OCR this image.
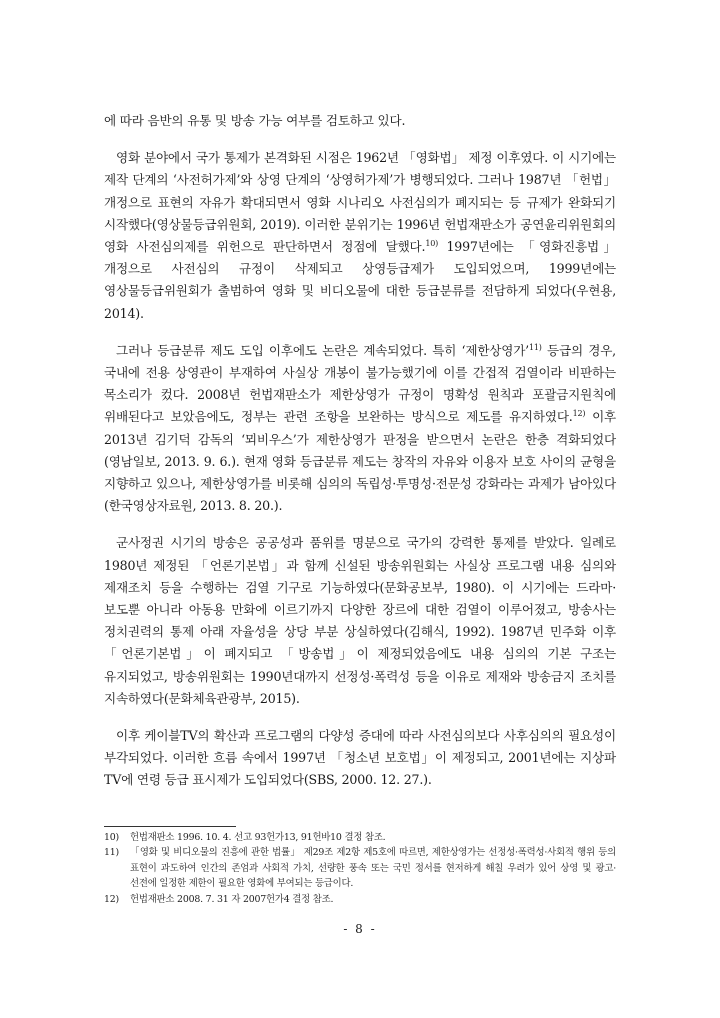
에 따라 음반의 유통 및 방송 가능 여부를 검토하고 있다.

영화 분야에서 국가 통제가 본격화된 시점은 1962년 「영화법」 제정 이후였다. 이 시기에는 제작 단계의 ‘사전허가제’와 상영 단계의 ‘상영허가제’가 병행되었다. 그러나 1987년 「헌법」 개정으로 표현의 자유가 확대되면서 영화 시나리오 사전심의가 폐지되는 등 규제가 완화되기 시작했다(영상물등급위원회, 2019). 이러한 분위기는 1996년 헌법재판소가 공연윤리위원회의 영화 사전심의제를 위헌으로 판단하면서 정점에 달했다.$^{10)}$ 1997년에는 「영화진흥법」 개정으로 사전심의 규정이 삭제되고 상영등급제가 도입되었으며, 1999년에는 영상물등급위원회가 출범하여 영화 및 비디오물에 대한 등급분류를 전담하게 되었다(우현용, 2014).

그러나 등급분류 제도 도입 이후에도 논란은 계속되었다. 특히 ‘제한상영가’$^{11)}$ 등급의 경우, 국내에 전용 상영관이 부재하여 사실상 개봉이 불가능했기에 이를 간접적 검열이라 비판하는 목소리가 컸다. 2008년 헌법재판소가 제한상영가 규정이 명확성 원칙과 포괄금지원칙에 위배된다고 보았음에도, 정부는 관련 조항을 보완하는 방식으로 제도를 유지하였다.$^{12)}$ 이후 2013년 김기덕 감독의 ‘뫼비우스’가 제한상영가 판정을 받으면서 논란은 한층 격화되었다(영남일보, 2013. 9. 6.). 현재 영화 등급분류 제도는 창작의 자유와 이용자 보호 사이의 균형을 지향하고 있으나, 제한상영가를 비롯해 심의의 독립성·투명성·전문성 강화라는 과제가 남아있다(한국영상자료원, 2013. 8. 20.).

군사정권 시기의 방송은 공공성과 품위를 명분으로 국가의 강력한 통제를 받았다. 일례로 1980년 제정된 「언론기본법」과 함께 신설된 방송위원회는 사실상 프로그램 내용 심의와 제재조치 등을 수행하는 검열 기구로 기능하였다(문화공보부, 1980). 이 시기에는 드라마·보도뿐 아니라 아동용 만화에 이르기까지 다양한 장르에 대한 검열이 이루어졌고, 방송사는 정치권력의 통제 아래 자율성을 상당 부분 상실하였다(김해식, 1992). 1987년 민주화 이후 「언론기본법」이 폐지되고 「방송법」이 제정되었음에도 내용 심의의 기본 구조는 유지되었고, 방송위원회는 1990년대까지 선정성·폭력성 등을 이유로 제재와 방송금지 조치를 지속하였다(문화체육관광부, 2015).

이후 케이블TV의 확산과 프로그램의 다양성 증대에 따라 사전심의보다 사후심의의 필요성이 부각되었다. 이러한 흐름 속에서 1997년 「청소년 보호법」이 제정되고, 2001년에는 지상파 TV에 연령 등급 표시제가 도입되었다(SBS, 2000. 12. 27.).

10)	헌법재판소 1996. 10. 4. 선고 93헌가13, 91헌바10 결정 참조.
11)	「영화 및 비디오물의 진흥에 관한 법률」 제29조 제2항 제5호에 따르면, 제한상영가는 선정성·폭력성·사회적 행위 등의 표현이 과도하여 인간의 존엄과 사회적 가치, 선량한 풍속 또는 국민 정서를 현저하게 해칠 우려가 있어 상영 및 광고·선전에 일정한 제한이 필요한 영화에 부여되는 등급이다.
12)	헌법재판소 2008. 7. 31 자 2007헌가4 결정 참조.
- 8 -
